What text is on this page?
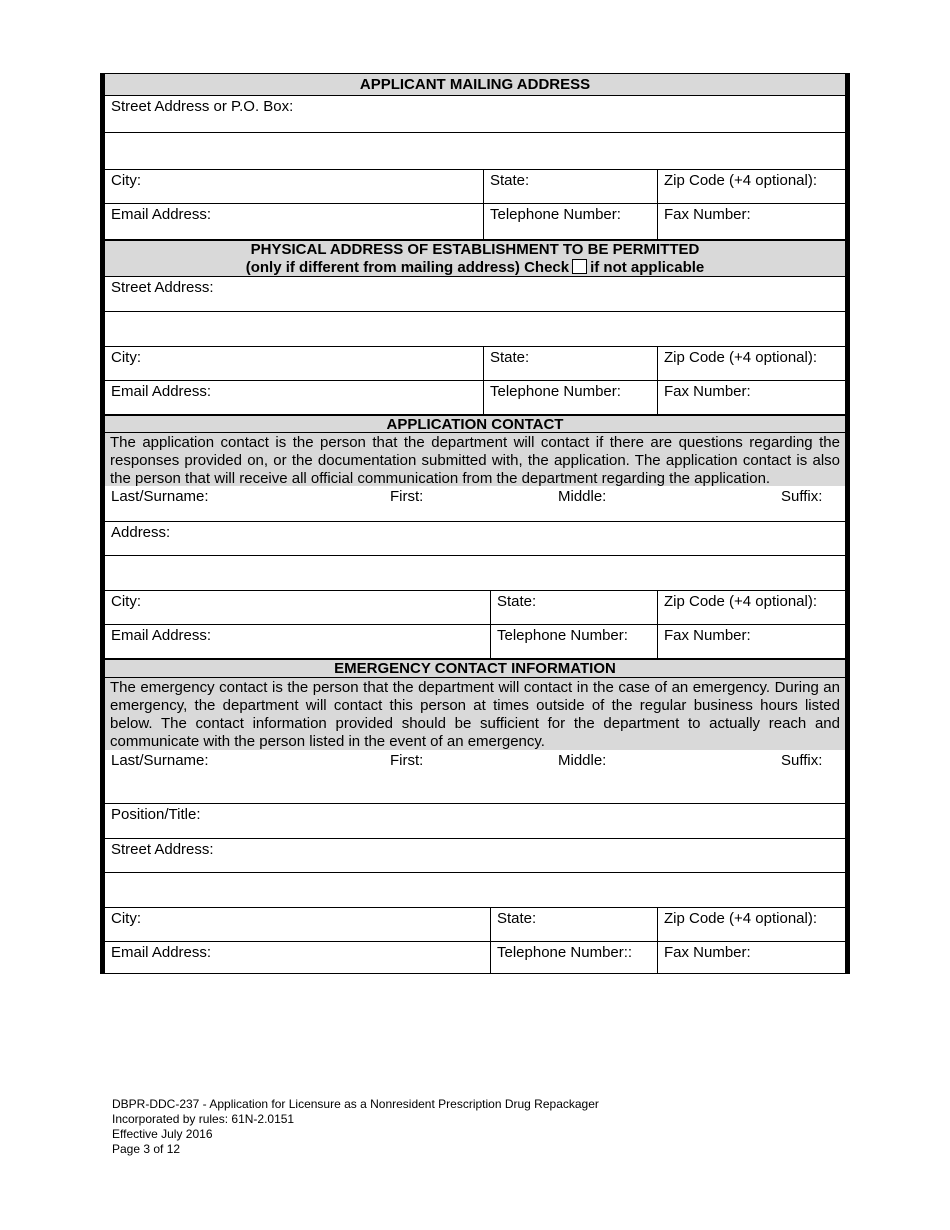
APPLICANT MAILING ADDRESS
Street Address or P.O. Box:
City:	State:	Zip Code (+4 optional):
Email Address:	Telephone Number:	Fax Number:
PHYSICAL ADDRESS OF ESTABLISHMENT TO BE PERMITTED
(only if different from mailing address) Check if not applicable
Street Address:
City:	State:	Zip Code (+4 optional):
Email Address:	Telephone Number:	Fax Number:
APPLICATION CONTACT
The application contact is the person that the department will contact if there are questions regarding the responses provided on, or the documentation submitted with, the application. The application contact is also the person that will receive all official communication from the department regarding the application.
Last/Surname:	First:	Middle:	Suffix:
Address:
City:	State:	Zip Code (+4 optional):
Email Address:	Telephone Number:	Fax Number:
EMERGENCY CONTACT INFORMATION
The emergency contact is the person that the department will contact in the case of an emergency. During an emergency, the department will contact this person at times outside of the regular business hours listed below. The contact information provided should be sufficient for the department to actually reach and communicate with the person listed in the event of an emergency.
Last/Surname:	First:	Middle:	Suffix:
Position/Title:
Street Address:
City:	State:	Zip Code (+4 optional):
Email Address:	Telephone Number::	Fax Number:
DBPR-DDC-237 - Application for Licensure as a Nonresident Prescription Drug Repackager
Incorporated by rules: 61N-2.0151
Effective July 2016
Page 3 of 12
